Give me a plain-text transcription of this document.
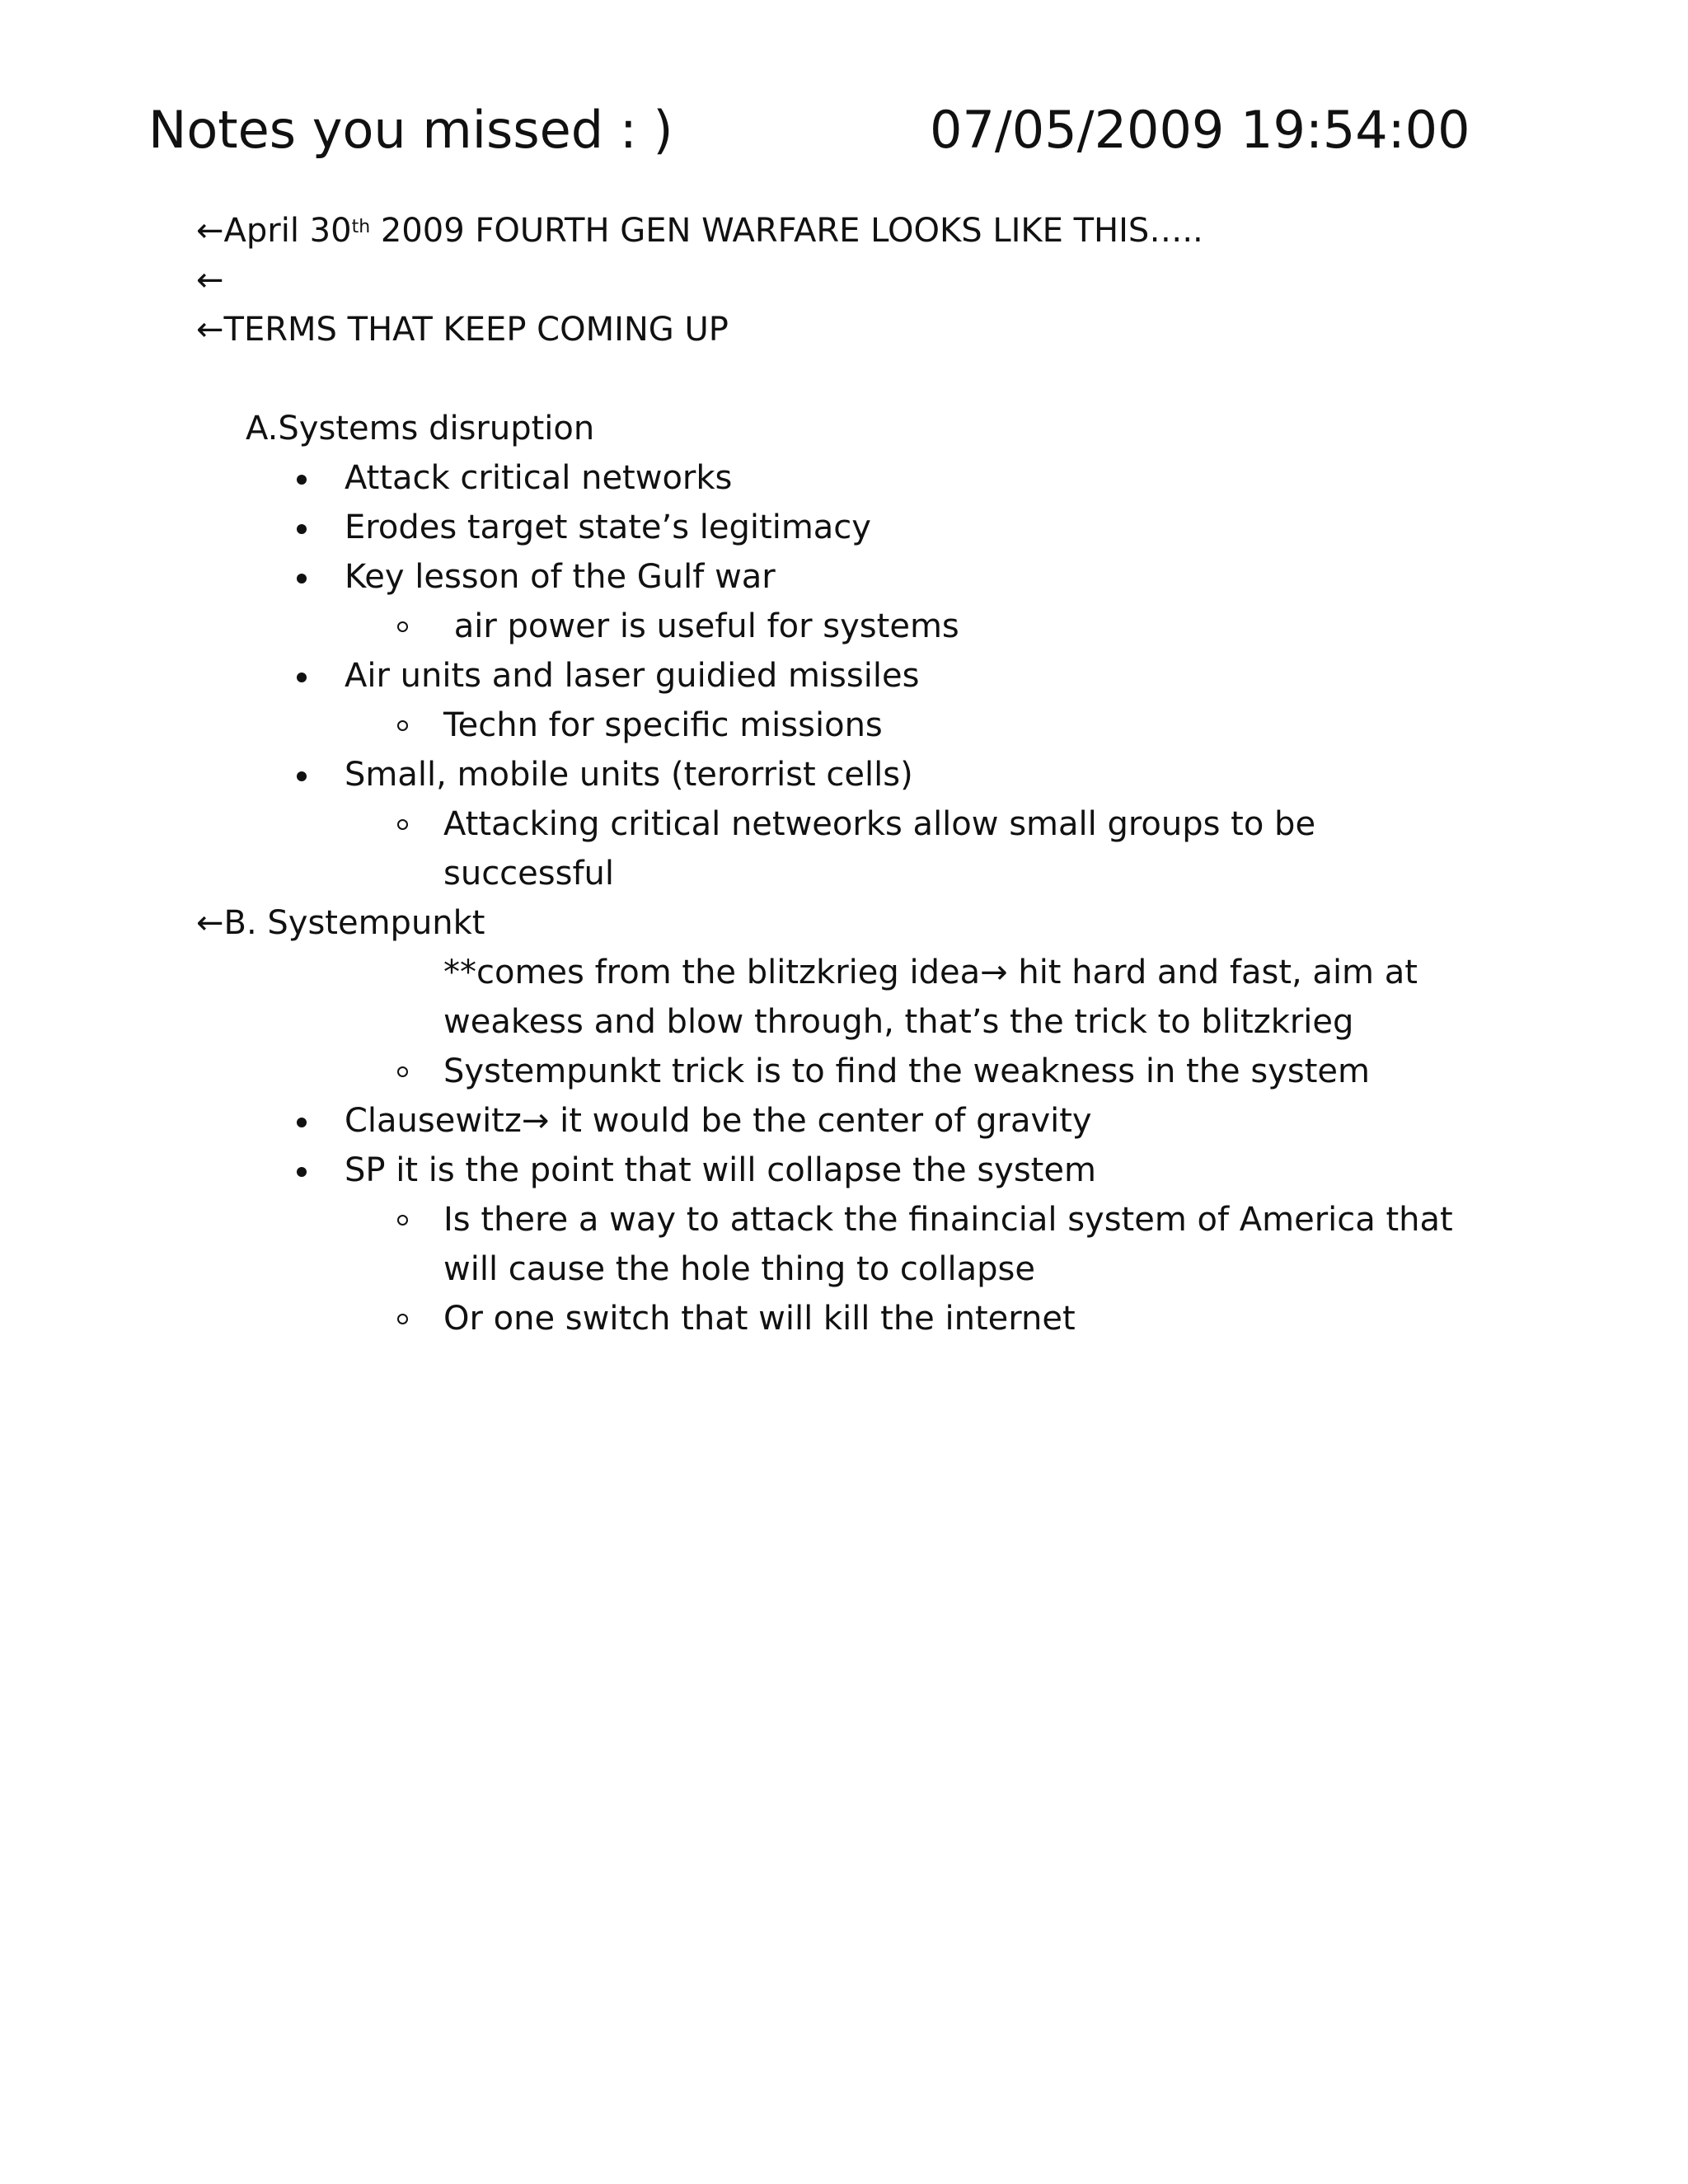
Notes you missed : )	07/05/2009 19:54:00
←April 30th 2009 FOURTH GEN WARFARE LOOKS LIKE THIS…..
←
←TERMS THAT KEEP COMING UP
A.Systems disruption
Attack critical networks
Erodes target state’s legitimacy
Key lesson of the Gulf war
air power is useful for systems
Air units and laser guidied missiles
Techn for specific missions
Small, mobile units (terorrist cells)
Attacking critical netweorks allow small groups to be
successful
←B. Systempunkt
**comes from the blitzkrieg idea→ hit hard and fast, aim at
weakess and blow through, that’s the trick to blitzkrieg
Systempunkt trick is to find the weakness in the system
Clausewitz→ it would be the center of gravity
SP it is the point that will collapse the system
Is there a way to attack the finaincial system of America that
will cause the hole thing to collapse
Or one switch that will kill the internet
